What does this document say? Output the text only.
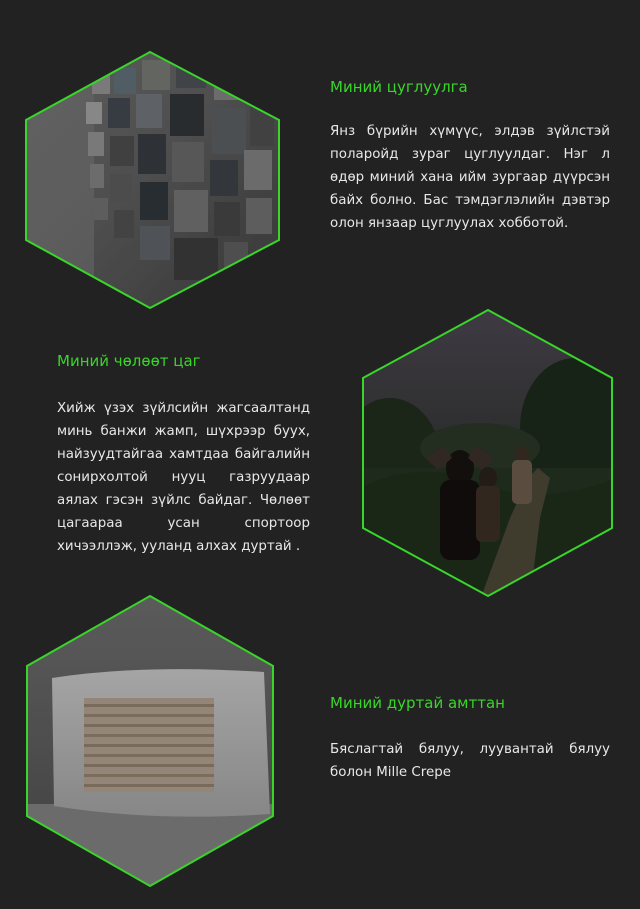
Миний цуглуулга

Янз бүрийн хүмүүс, элдэв зүйлстэй поларойд зураг цуглуулдаг. Нэг л өдөр миний хана ийм зургаар дүүрсэн байх болно. Бас тэмдэглэлийн дэвтэр олон янзаар цуглуулах хобботой.

Миний чөлөөт цаг

Хийж үзэх зүйлсийн жагсаалтанд минь банжи жамп, шүхрээр буух, найзуудтайгаа хамтдаа байгалийн сонирхолтой нууц газруудаар аялах гэсэн зүйлс байдаг. Чөлөөт цагаараа усан спортоор хичээллэж, ууланд алхах дуртай .

Миний дуртай амттан

Бяслагтай бялуу, луувантай бялуу болон Mille Crepe
